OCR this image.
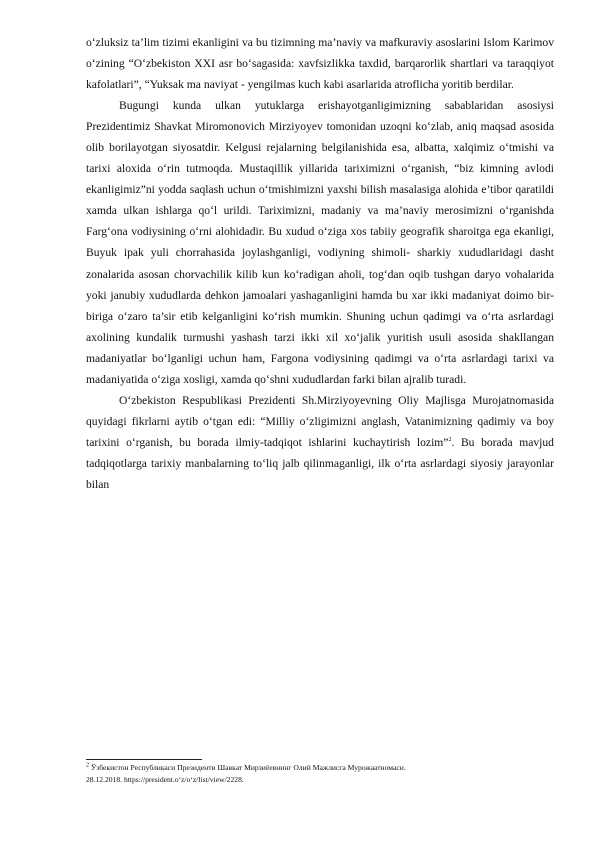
o‘zluksiz ta’lim tizimi ekanligini va bu tizimning ma’naviy va mafkuraviy asoslarini Islom Karimov o‘zining “O‘zbekiston XXI asr bo‘sagasida: xavfsizlikka taxdid, barqarorlik shartlari va taraqqiyot kafolatlari”, “Yuksak ma naviyat - yengilmas kuch kabi asarlarida atroflicha yoritib berdilar.

Bugungi kunda ulkan yutuklarga erishayotganligimizning sabablaridan asosiysi Prezidentimiz Shavkat Miromonovich Mirziyoyev tomonidan uzoqni ko‘zlab, aniq maqsad asosida olib borilayotgan siyosatdir. Kelgusi rejalarning belgilanishida esa, albatta, xalqimiz o‘tmishi va tarixi aloxida o‘rin tutmoqda. Mustaqillik yillarida tariximizni o‘rganish, “biz kimning avlodi ekanligimiz”ni yodda saqlash uchun o‘tmishimizni yaxshi bilish masalasiga alohida e’tibor qaratildi xamda ulkan ishlarga qo‘l urildi. Tariximizni, madaniy va ma’naviy merosimizni o‘rganishda Farg‘ona vodiysining o‘rni alohidadir. Bu xudud o‘ziga xos tabiiy geografik sharoitga ega ekanligi, Buyuk ipak yuli chorrahasida joylashganligi, vodiyning shimoli- sharkiy xududlaridagi dasht zonalarida asosan chorvachilik kilib kun ko‘radigan aholi, tog‘dan oqib tushgan daryo vohalarida yoki janubiy xududlarda dehkon jamoalari yashaganligini hamda bu xar ikki madaniyat doimo bir-biriga o‘zaro ta’sir etib kelganligini ko‘rish mumkin. Shuning uchun qadimgi va o‘rta asrlardagi axolining kundalik turmushi yashash tarzi ikki xil xo‘jalik yuritish usuli asosida shakllangan madaniyatlar bo‘lganligi uchun ham, Fargona vodiysining qadimgi va o‘rta asrlardagi tarixi va madaniyatida o‘ziga xosligi, xamda qo‘shni xududlardan farki bilan ajralib turadi.

O‘zbekiston Respublikasi Prezidenti Sh.Mirziyoyevning Oliy Majlisga Murojatnomasida quyidagi fikrlarni aytib o‘tgan edi: “Milliy o‘zligimizni anglash, Vatanimizning qadimiy va boy tarixini o‘rganish, bu borada ilmiy-tadqiqot ishlarini kuchaytirish lozim”$^2$. Bu borada mavjud tadqiqotlarga tarixiy manbalarning to‘liq jalb qilinmaganligi, ilk o‘rta asrlardagi siyosiy jarayonlar bilan

$^2$ Ўзбекистон Республикаси Президенти Шавкат Мирзиёевнинг Олий Мажлисга Мурожаатномаси.

28.12.2018. https://president.o‘z/o‘z/list/view/2228.
